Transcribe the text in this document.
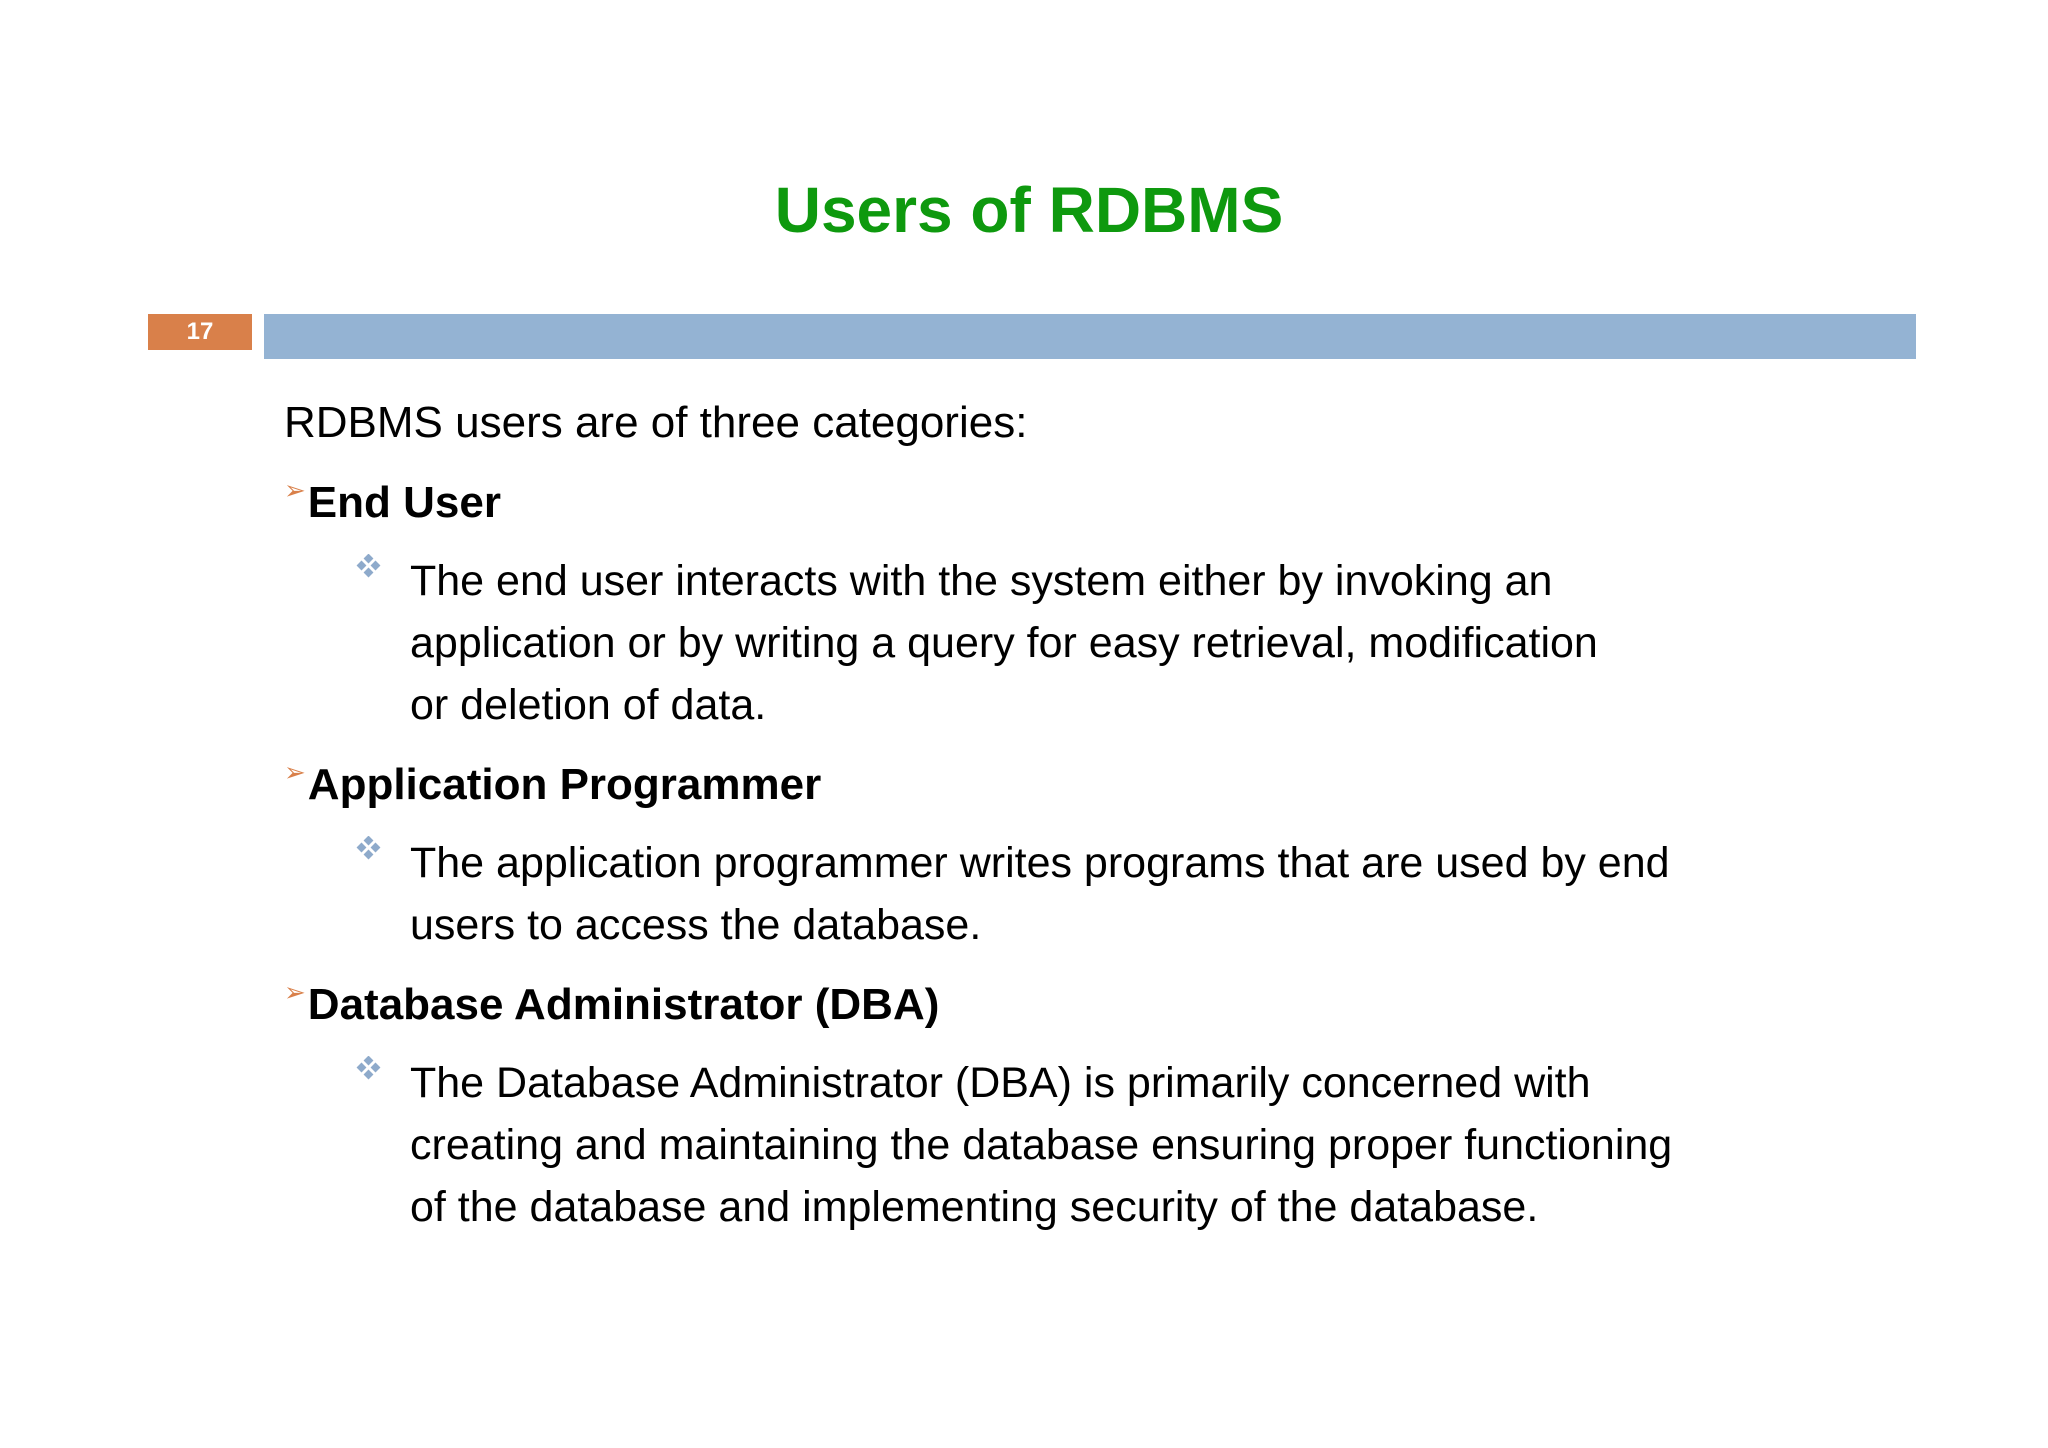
Users of RDBMS
17
RDBMS users are of three categories:
➢End User
The end user interacts with the system either by invoking an
application or by writing a query for easy retrieval, modification
or deletion of data.
➢Application Programmer
The application programmer writes programs that are used by end
users to access the database.
➢Database Administrator (DBA)
The Database Administrator (DBA) is primarily concerned with
creating and maintaining the database ensuring proper functioning
of the database and implementing security of the database.
